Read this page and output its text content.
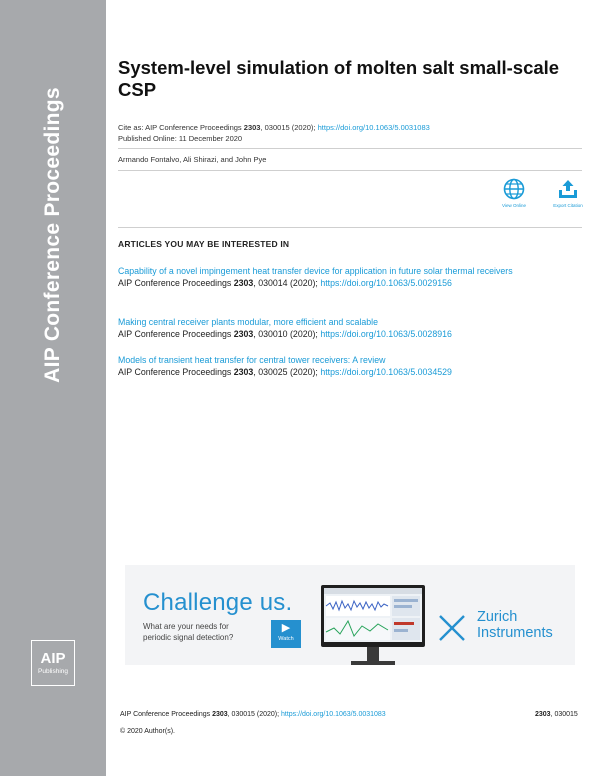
AIP Conference Proceedings
AIP
Publishing
System-level simulation of molten salt small-scale CSP
Cite as: AIP Conference Proceedings 2303, 030015 (2020); https://doi.org/10.1063/5.0031083
Published Online: 11 December 2020
Armando Fontalvo, Ali Shirazi, and John Pye
View Online	Export Citation
ARTICLES YOU MAY BE INTERESTED IN
Capability of a novel impingement heat transfer device for application in future solar thermal receivers
AIP Conference Proceedings 2303, 030014 (2020); https://doi.org/10.1063/5.0029156
Making central receiver plants modular, more efficient and scalable
AIP Conference Proceedings 2303, 030010 (2020); https://doi.org/10.1063/5.0028916
Models of transient heat transfer for central tower receivers: A review
AIP Conference Proceedings 2303, 030025 (2020); https://doi.org/10.1063/5.0034529
Challenge us.
What are your needs for
periodic signal detection?
▶
Watch
Zurich
Instruments
AIP Conference Proceedings 2303, 030015 (2020); https://doi.org/10.1063/5.0031083	2303, 030015
© 2020 Author(s).
